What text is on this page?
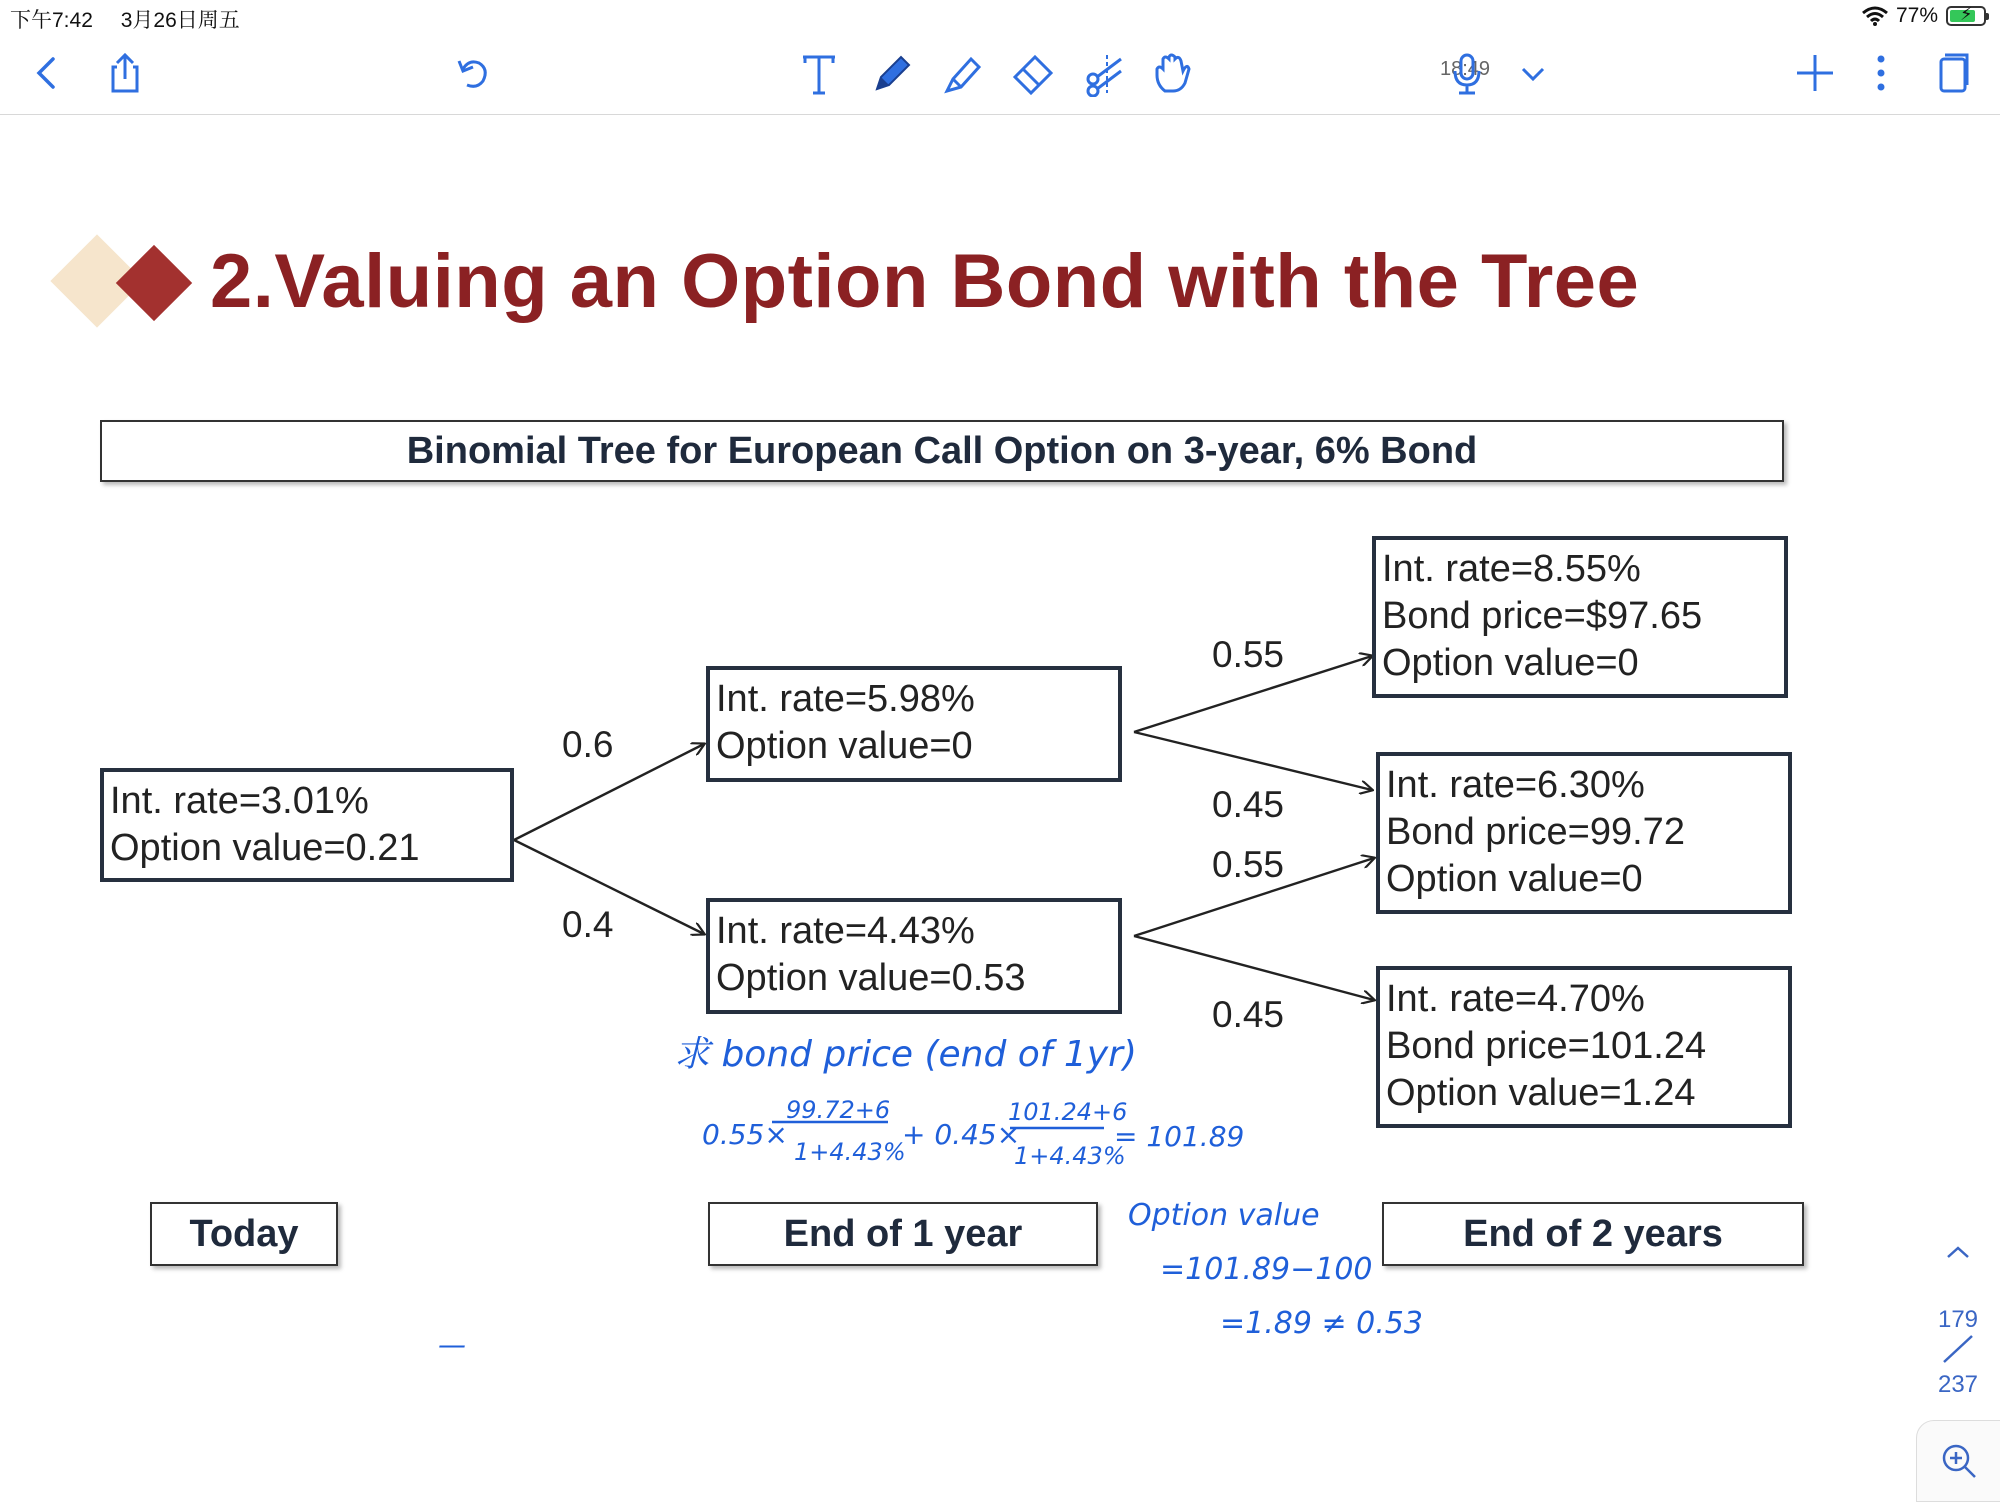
下午7:42 3月26日周五	77% ⚡
18:49
2.Valuing an Option Bond with the Tree
Binomial Tree for European Call Option on 3-year, 6% Bond
Int. rate=3.01%
Option value=0.21
Int. rate=5.98%
Option value=0
Int. rate=4.43%
Option value=0.53
Int. rate=8.55%
Bond price=$97.65
Option value=0
Int. rate=6.30%
Bond price=99.72
Option value=0
Int. rate=4.70%
Bond price=101.24
Option value=1.24
0.6
0.4
0.55
0.45
0.55
0.45
Today	End of 1 year	End of 2 years
求 bond price (end of 1yr)
0.55×
99.72+6
1+4.43%
+ 0.45×
101.24+6
1+4.43%
= 101.89
Option value
=101.89−100
=1.89 ≠ 0.53
—
179
237
